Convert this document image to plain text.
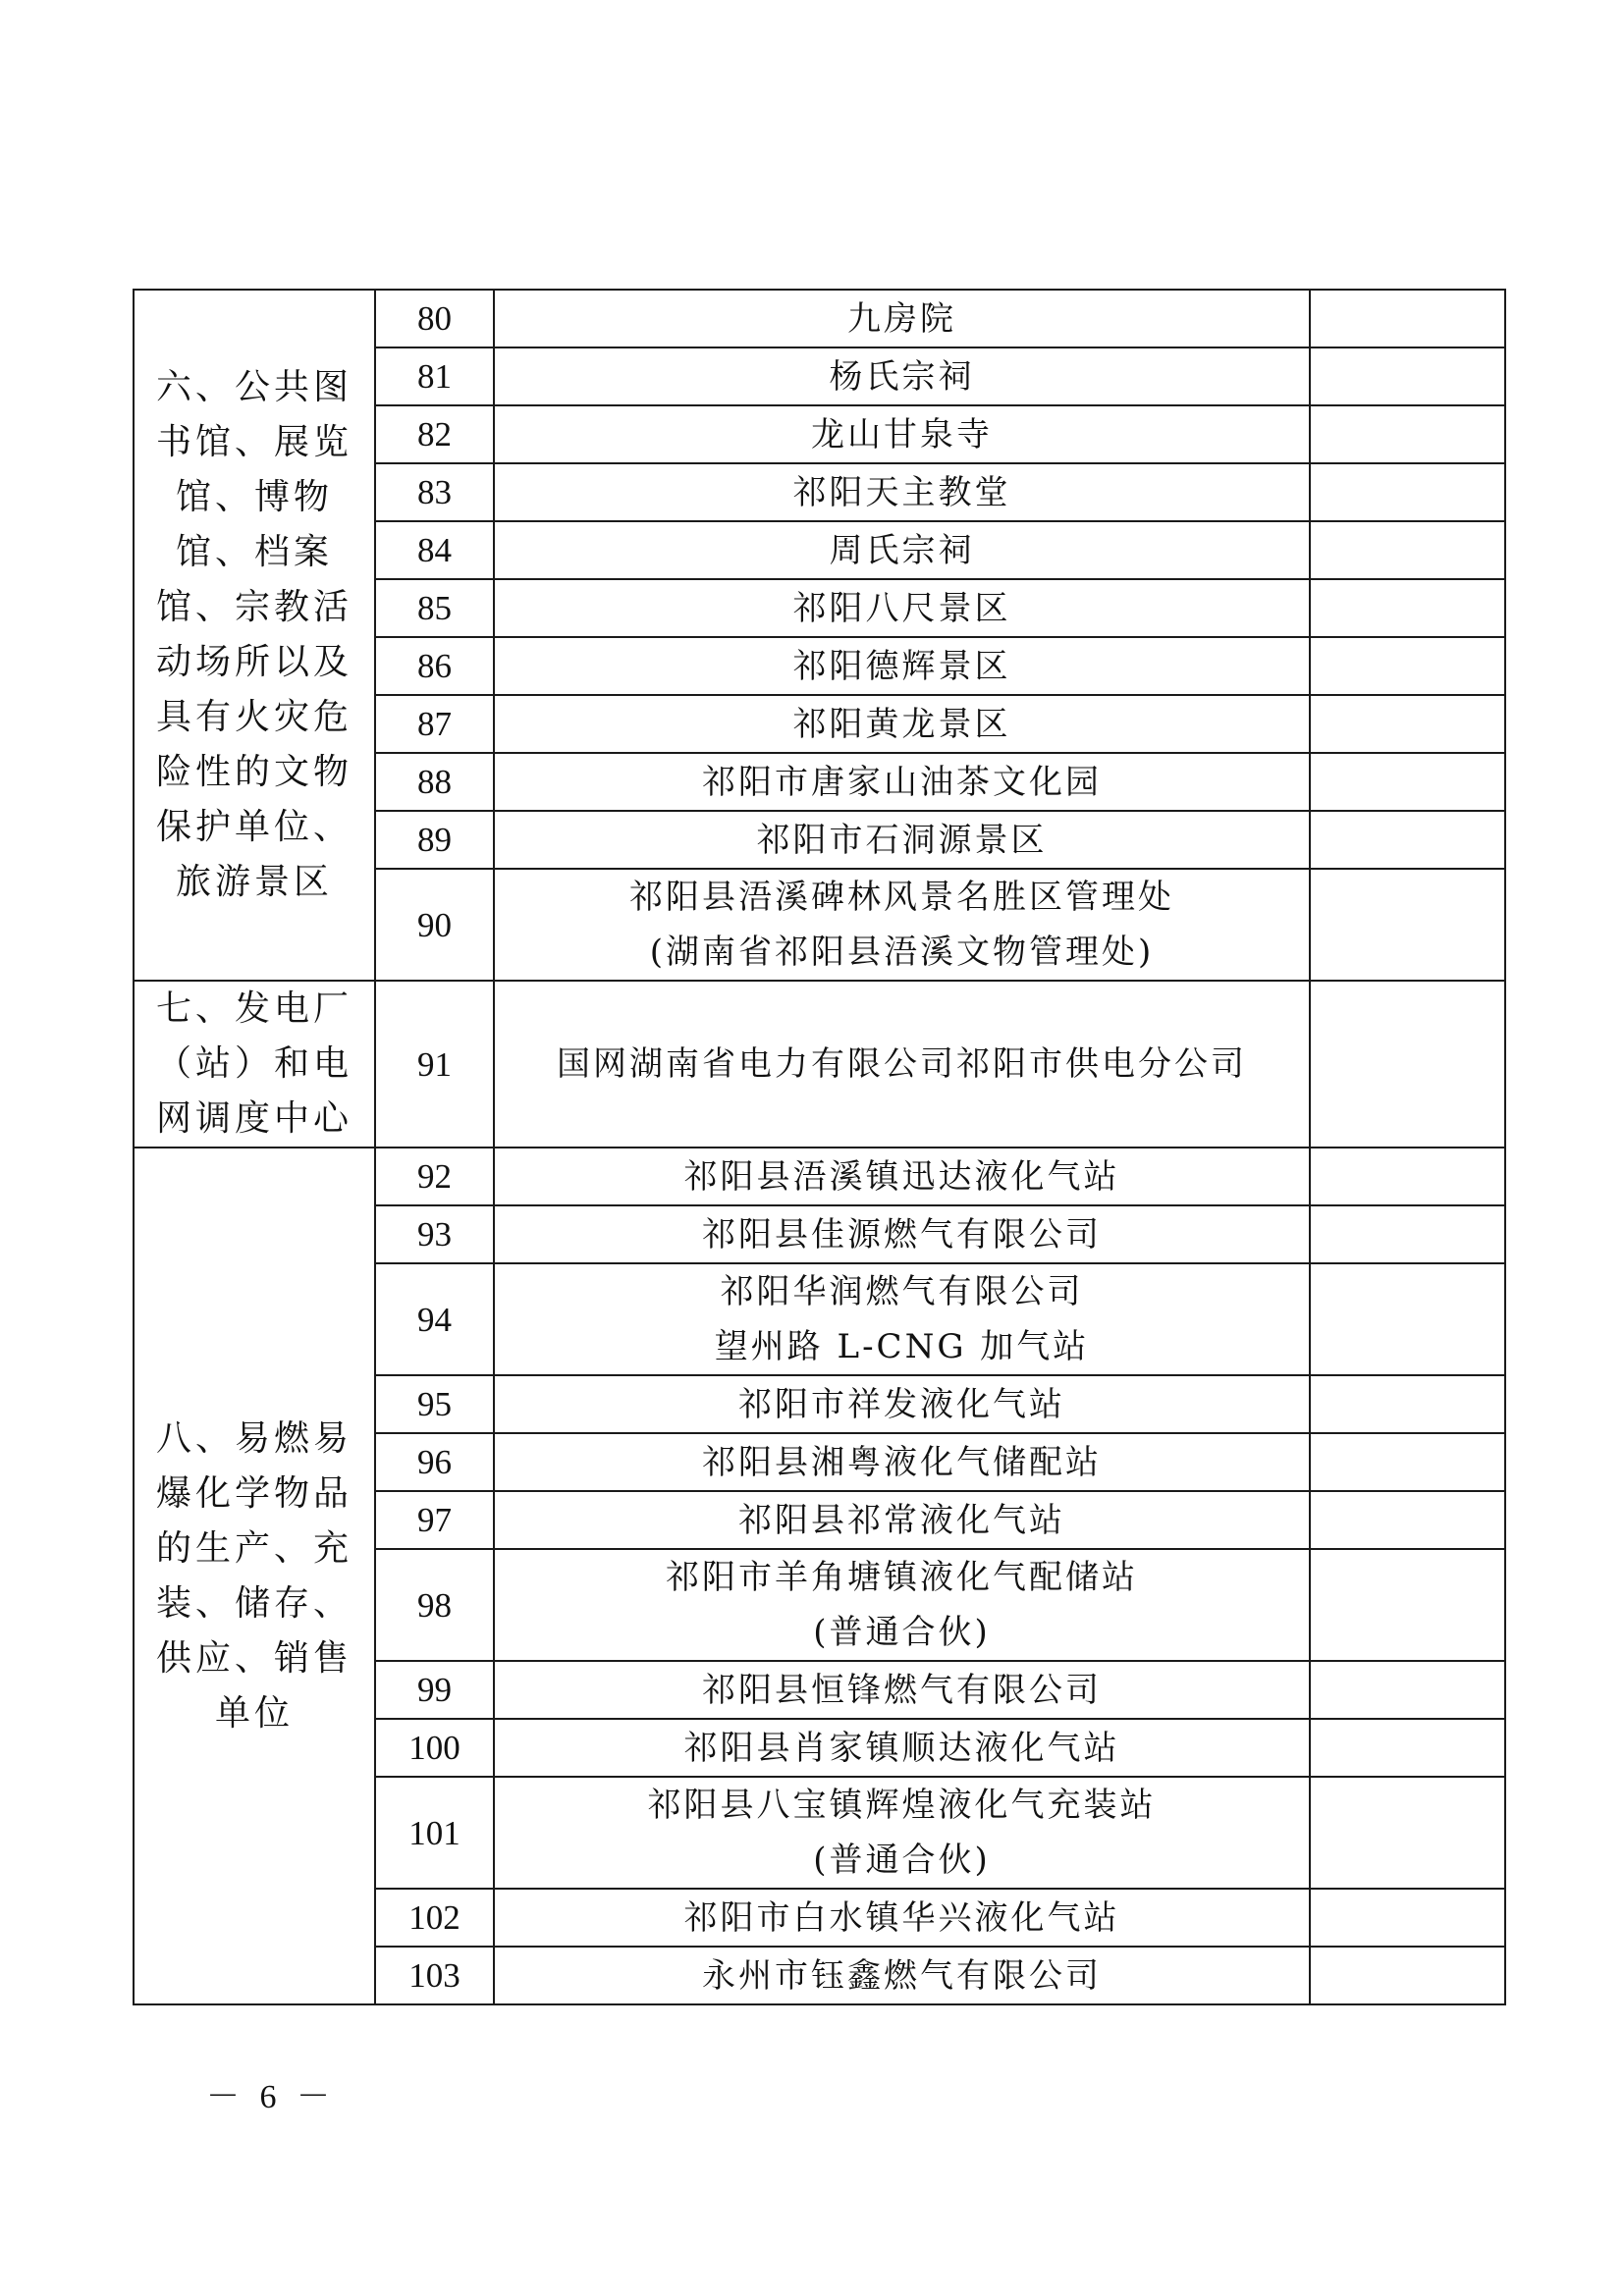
六、公共图书馆、展览馆、博物馆、档案馆、宗教活动场所以及具有火灾危险性的文物保护单位、旅游景区	80	九房院	

	81	杨氏宗祠	

	82	龙山甘泉寺	

	83	祁阳天主教堂	

	84	周氏宗祠	

	85	祁阳八尺景区	

	86	祁阳德辉景区	

	87	祁阳黄龙景区	

	88	祁阳市唐家山油茶文化园	

	89	祁阳市石洞源景区	

	90	祁阳县浯溪碑林风景名胜区管理处
(湖南省祁阳县浯溪文物管理处)	

七、发电厂（站）和电网调度中心	91	国网湖南省电力有限公司祁阳市供电分公司	

八、易燃易爆化学物品的生产、充装、储存、供应、销售单位	92	祁阳县浯溪镇迅达液化气站	

	93	祁阳县佳源燃气有限公司	

	94	祁阳华润燃气有限公司
望州路 L-CNG 加气站	

	95	祁阳市祥发液化气站	

	96	祁阳县湘粤液化气储配站	

	97	祁阳县祁常液化气站	

	98	祁阳市羊角塘镇液化气配储站
(普通合伙)	

	99	祁阳县恒锋燃气有限公司	

	100	祁阳县肖家镇顺达液化气站	

	101	祁阳县八宝镇辉煌液化气充装站
(普通合伙)	

	102	祁阳市白水镇华兴液化气站	

	103	永州市钰鑫燃气有限公司	

－ 6 －
